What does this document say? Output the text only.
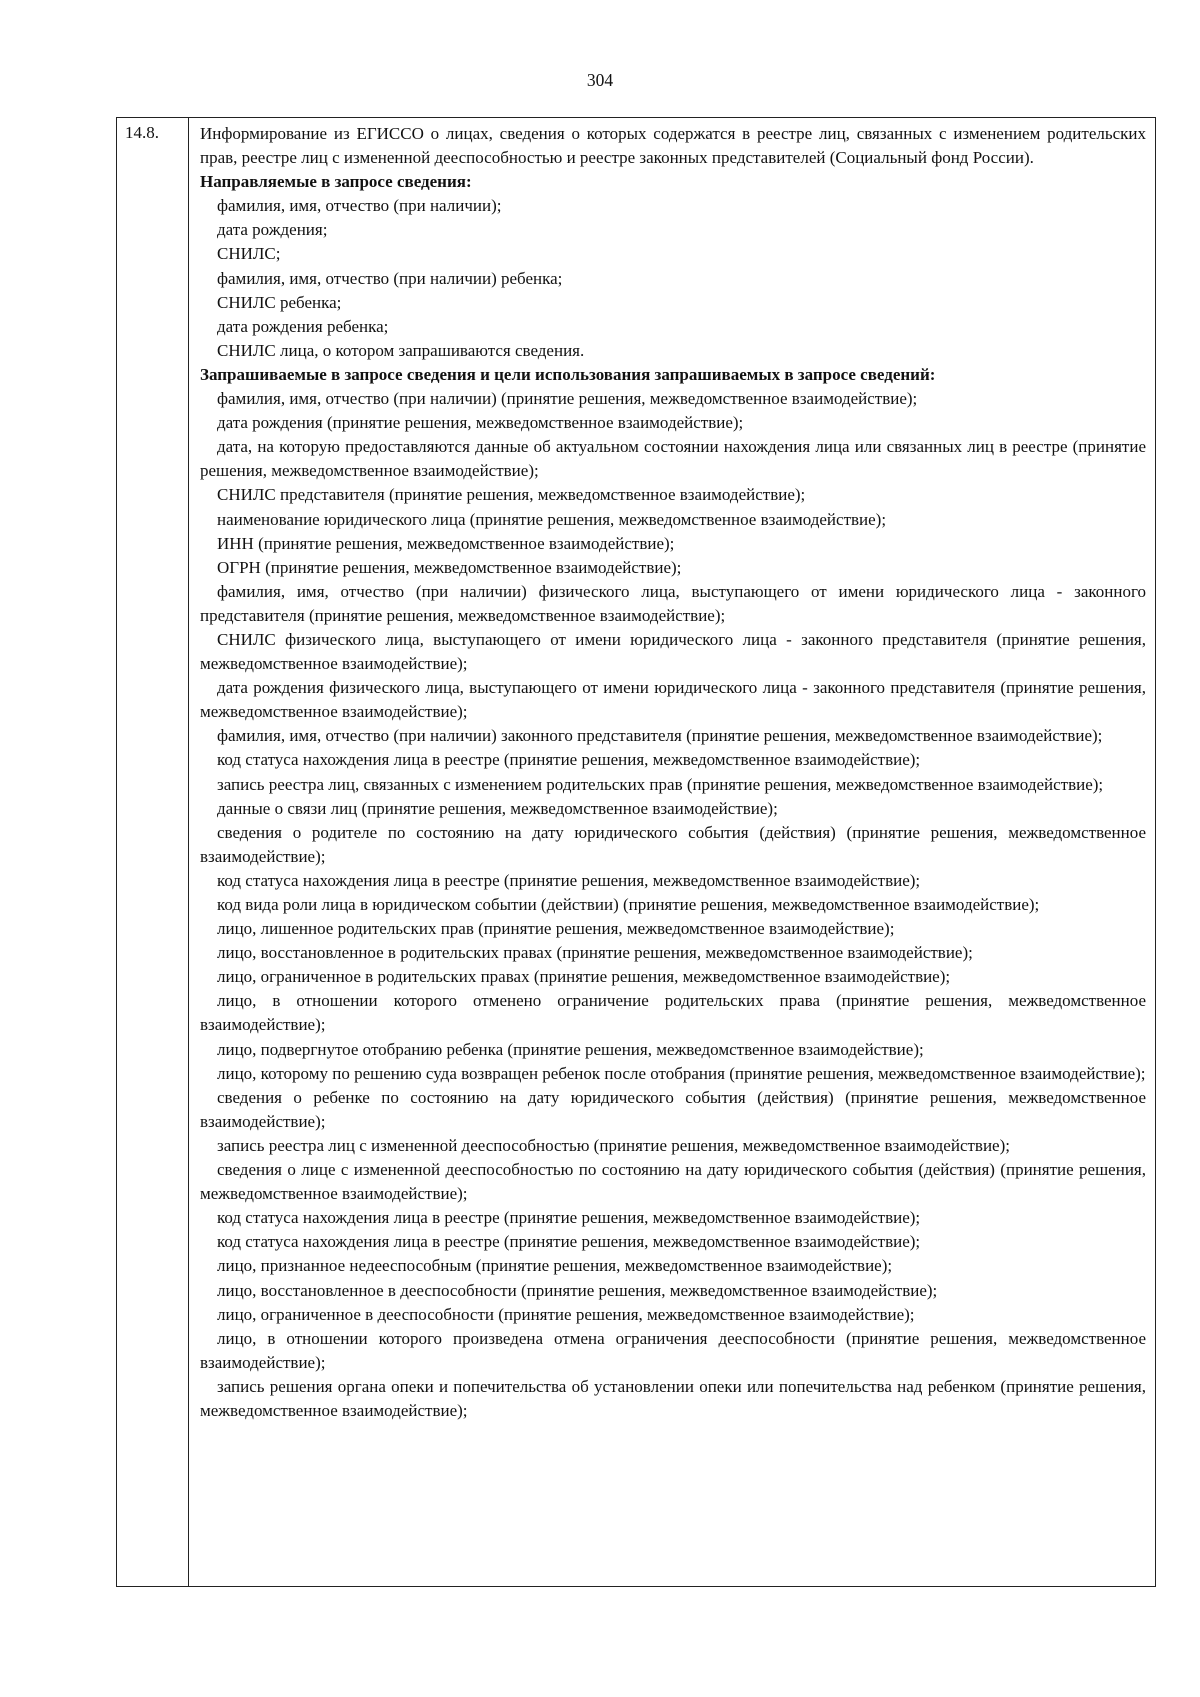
304
14.8.	Информирование из ЕГИССО о лицах, сведения о которых содержатся в реестре лиц, связанных с изменением родительских прав, реестре лиц с измененной дееспособностью и реестре законных представителей (Социальный фонд России).

Направляемые в запросе сведения:

фамилия, имя, отчество (при наличии);

дата рождения;

СНИЛС;

фамилия, имя, отчество (при наличии) ребенка;

СНИЛС ребенка;

дата рождения ребенка;

СНИЛС лица, о котором запрашиваются сведения.

Запрашиваемые в запросе сведения и цели использования запрашиваемых в запросе сведений:

фамилия, имя, отчество (при наличии) (принятие решения, межведомственное взаимодействие);

дата рождения (принятие решения, межведомственное взаимодействие);

дата, на которую предоставляются данные об актуальном состоянии нахождения лица или связанных лиц в реестре (принятие решения, межведомственное взаимодействие);

СНИЛС представителя (принятие решения, межведомственное взаимодействие);

наименование юридического лица (принятие решения, межведомственное взаимодействие);

ИНН (принятие решения, межведомственное взаимодействие);

ОГРН (принятие решения, межведомственное взаимодействие);

фамилия, имя, отчество (при наличии) физического лица, выступающего от имени юридического лица - законного представителя (принятие решения, межведомственное взаимодействие);

СНИЛС физического лица, выступающего от имени юридического лица - законного представителя (принятие решения, межведомственное взаимодействие);

дата рождения физического лица, выступающего от имени юридического лица - законного представителя (принятие решения, межведомственное взаимодействие);

фамилия, имя, отчество (при наличии) законного представителя (принятие решения, межведомственное взаимодействие);

код статуса нахождения лица в реестре (принятие решения, межведомственное взаимодействие);

запись реестра лиц, связанных с изменением родительских прав (принятие решения, межведомственное взаимодействие);

данные о связи лиц (принятие решения, межведомственное взаимодействие);

сведения о родителе по состоянию на дату юридического события (действия) (принятие решения, межведомственное взаимодействие);

код статуса нахождения лица в реестре (принятие решения, межведомственное взаимодействие);

код вида роли лица в юридическом событии (действии) (принятие решения, межведомственное взаимодействие);

лицо, лишенное родительских прав (принятие решения, межведомственное взаимодействие);

лицо, восстановленное в родительских правах (принятие решения, межведомственное взаимодействие);

лицо, ограниченное в родительских правах (принятие решения, межведомственное взаимодействие);

лицо, в отношении которого отменено ограничение родительских права (принятие решения, межведомственное взаимодействие);

лицо, подвергнутое отобранию ребенка (принятие решения, межведомственное взаимодействие);

лицо, которому по решению суда возвращен ребенок после отобрания (принятие решения, межведомственное взаимодействие);

сведения о ребенке по состоянию на дату юридического события (действия) (принятие решения, межведомственное взаимодействие);

запись реестра лиц с измененной дееспособностью (принятие решения, межведомственное взаимодействие);

сведения о лице с измененной дееспособностью по состоянию на дату юридического события (действия) (принятие решения, межведомственное взаимодействие);

код статуса нахождения лица в реестре (принятие решения, межведомственное взаимодействие);

код статуса нахождения лица в реестре (принятие решения, межведомственное взаимодействие);

лицо, признанное недееспособным (принятие решения, межведомственное взаимодействие);

лицо, восстановленное в дееспособности (принятие решения, межведомственное взаимодействие);

лицо, ограниченное в дееспособности (принятие решения, межведомственное взаимодействие);

лицо, в отношении которого произведена отмена ограничения дееспособности (принятие решения, межведомственное взаимодействие);

запись решения органа опеки и попечительства об установлении опеки или попечительства над ребенком (принятие решения, межведомственное взаимодействие);
